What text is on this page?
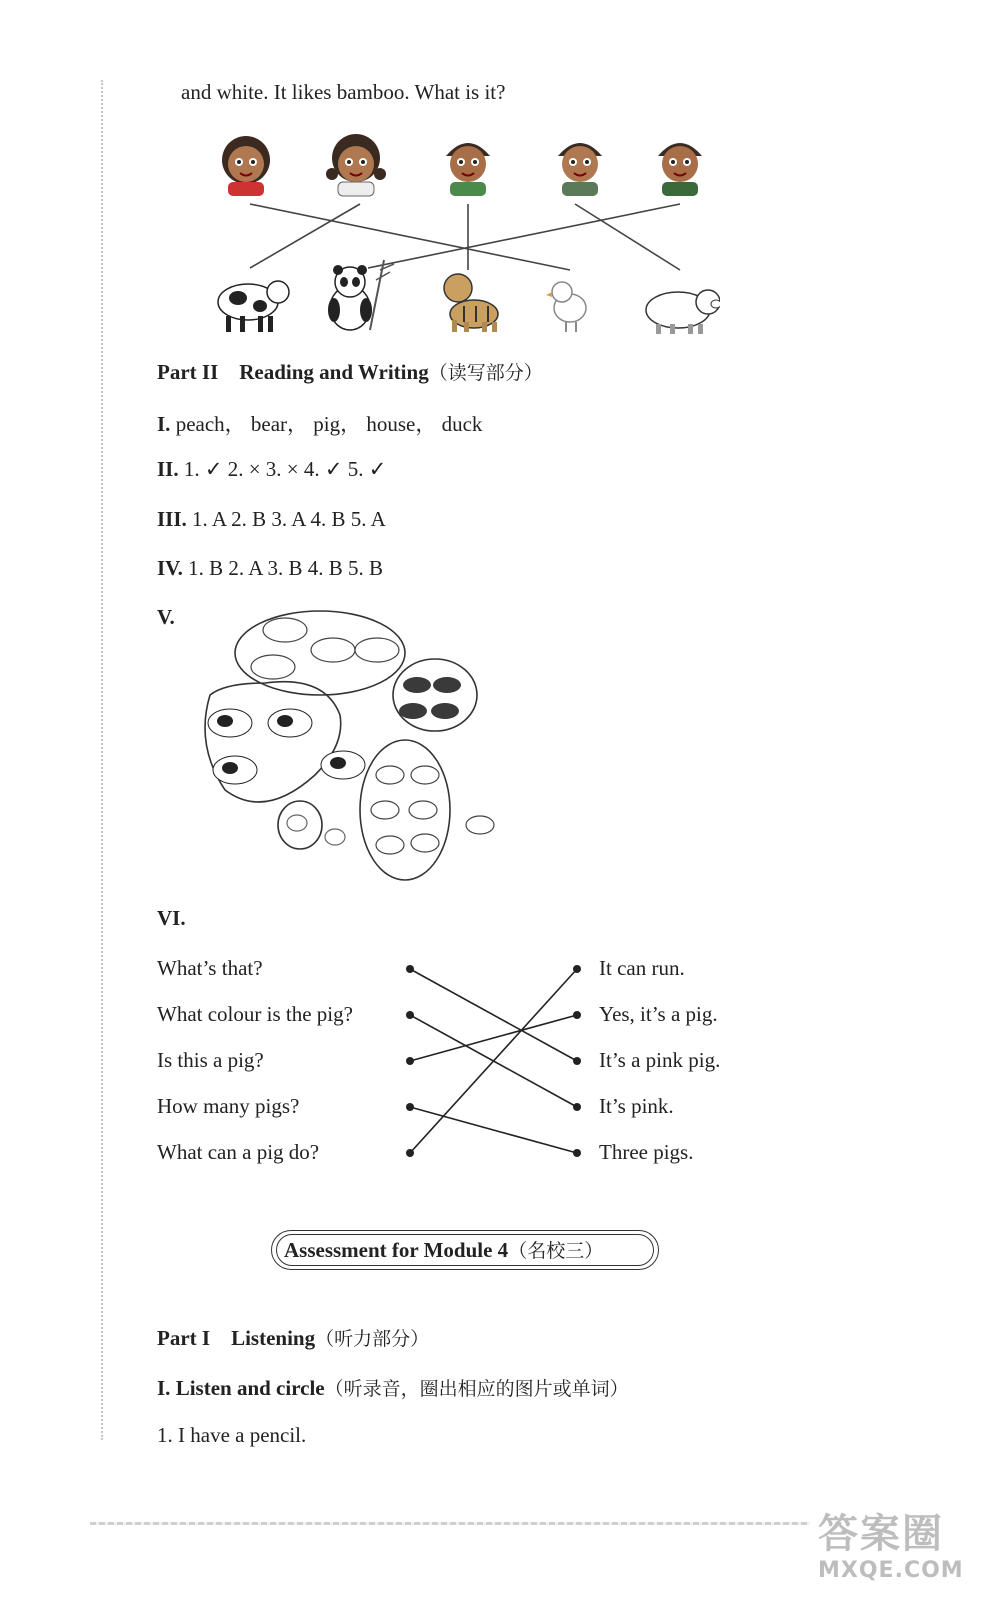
and white. It likes bamboo. What is it?
Part II Reading and Writing（读写部分）
I. peach， bear， pig， house， duck
II. 1. ✓ 2. × 3. × 4. ✓ 5. ✓
III. 1. A 2. B 3. A 4. B 5. A
IV. 1. B 2. A 3. B 4. B 5. B
V.
VI.
What’s that?
What colour is the pig?
Is this a pig?
How many pigs?
What can a pig do?
It can run.
Yes, it’s a pig.
It’s a pink pig.
It’s pink.
Three pigs.
Assessment for Module 4（名校三）
Part I Listening（听力部分）
I. Listen and circle（听录音，圈出相应的图片或单词）
1. I have a pencil.
答案圈
MXQE.COM
